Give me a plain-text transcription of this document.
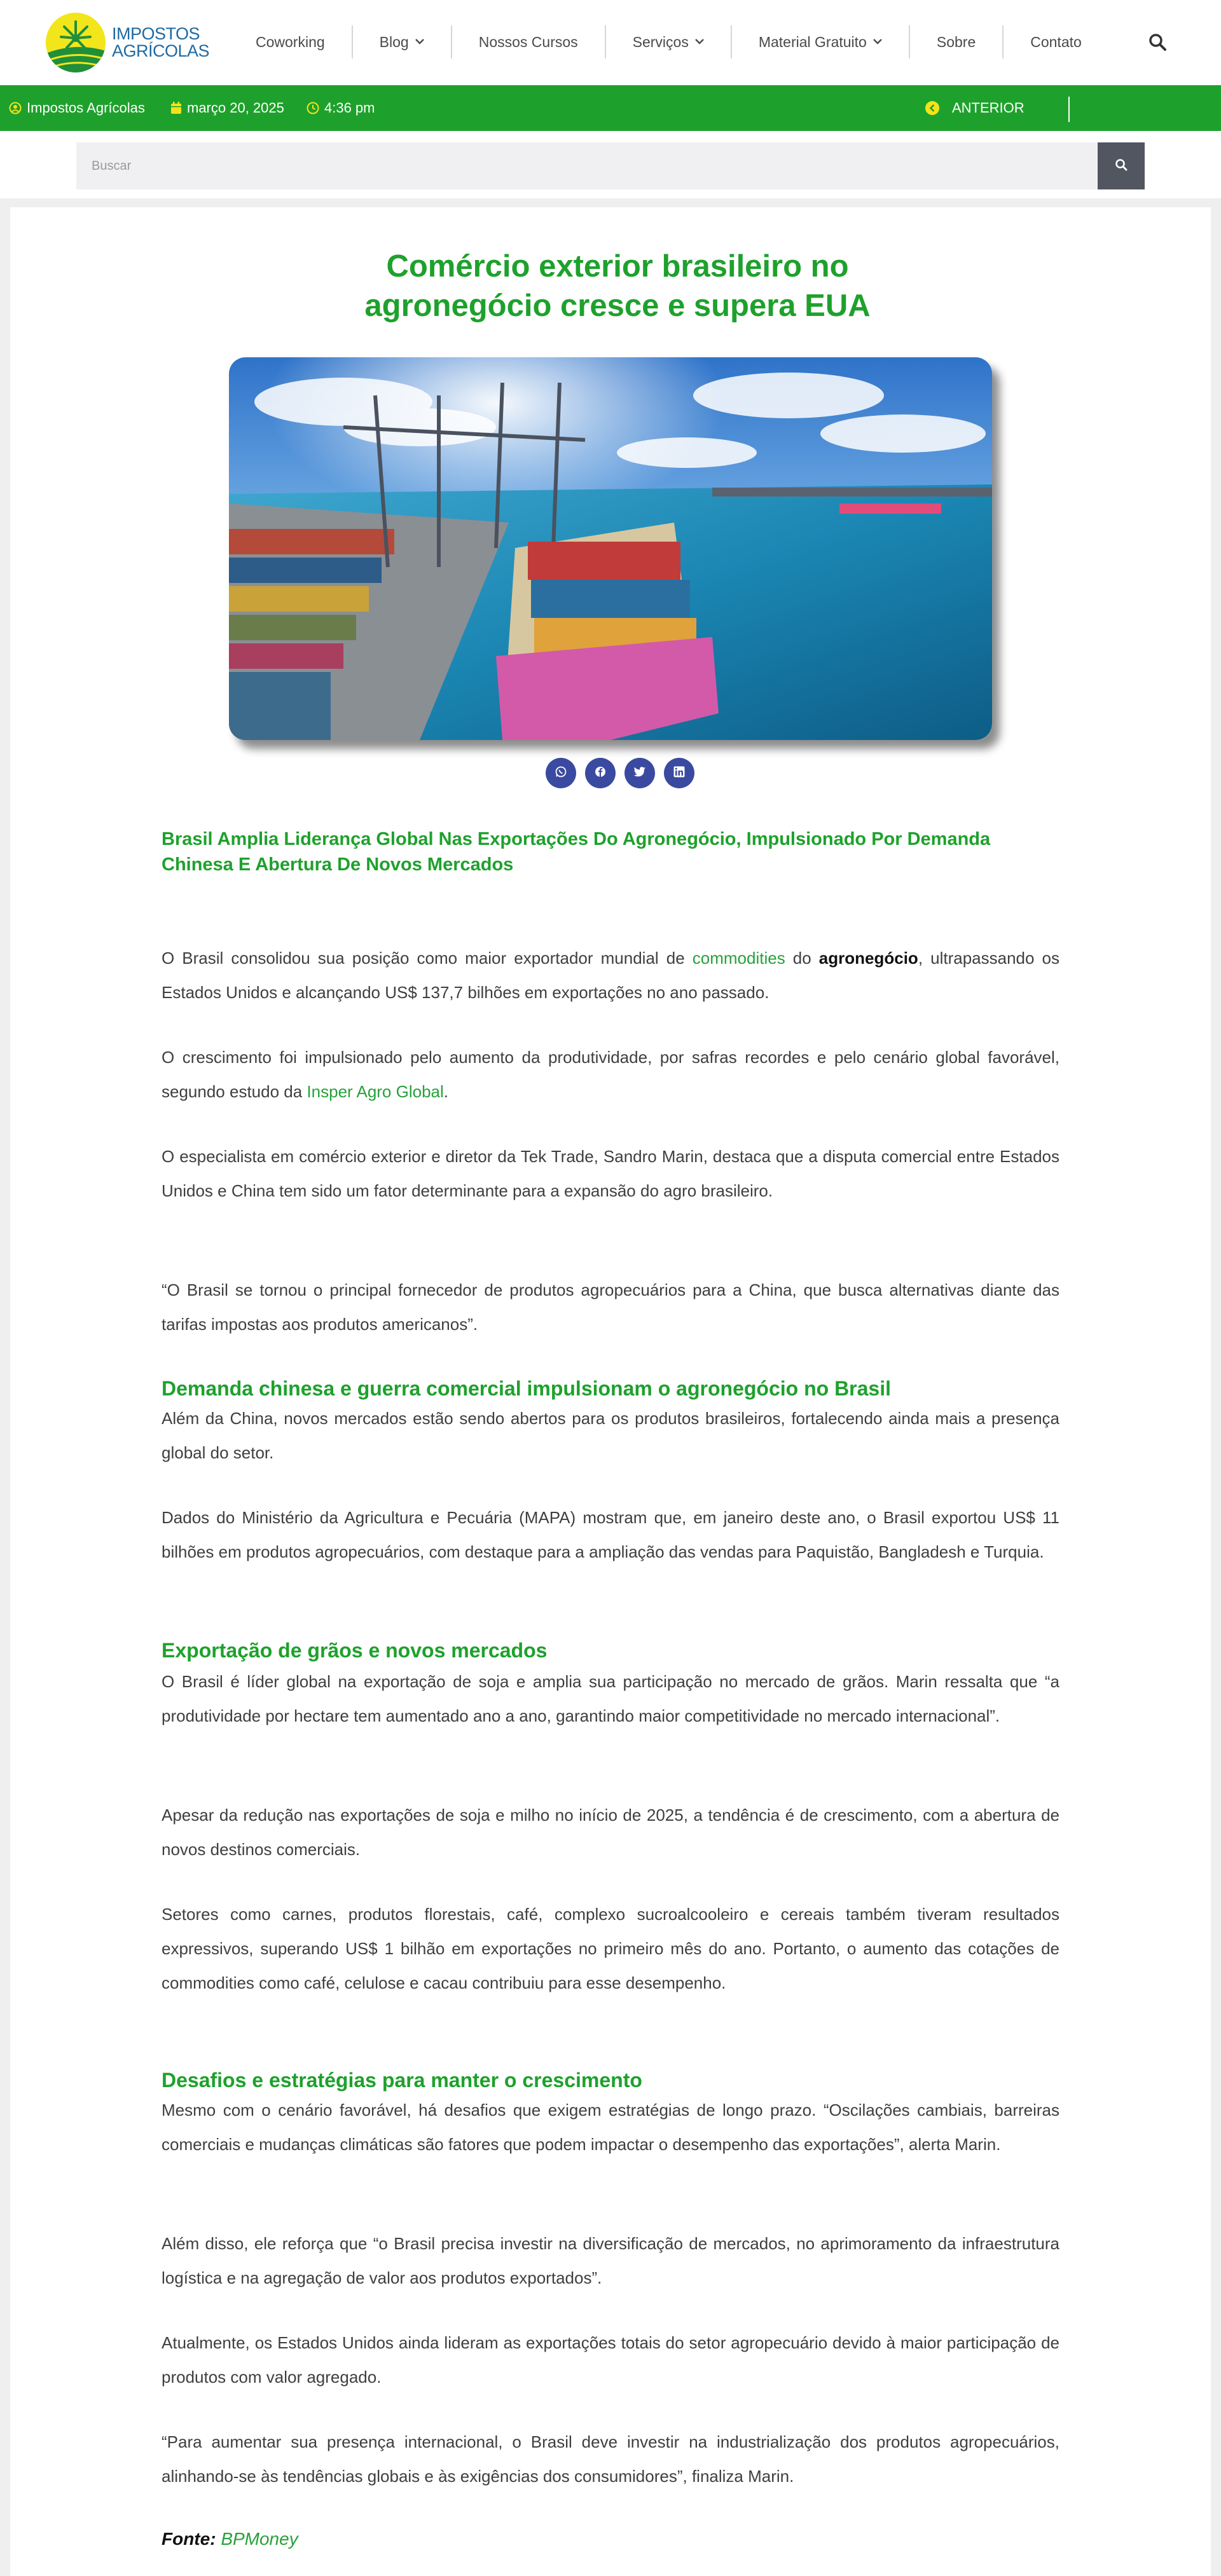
IMPOSTOS
AGRÍCOLAS	Coworking	Blog	Nossos Cursos	Serviços	Material Gratuito	Sobre	Contato
Impostos Agrícolas	março 20, 2025	4:36 pm	ANTERIOR
Buscar
Comércio exterior brasileiro no agronegócio cresce e supera EUA
Brasil Amplia Liderança Global Nas Exportações Do Agronegócio, Impulsionado Por Demanda Chinesa E Abertura De Novos Mercados

O Brasil consolidou sua posição como maior exportador mundial de commodities do agronegócio, ultrapassando os Estados Unidos e alcançando US$ 137,7 bilhões em exportações no ano passado.

O crescimento foi impulsionado pelo aumento da produtividade, por safras recordes e pelo cenário global favorável, segundo estudo da Insper Agro Global.

O especialista em comércio exterior e diretor da Tek Trade, Sandro Marin, destaca que a disputa comercial entre Estados Unidos e China tem sido um fator determinante para a expansão do agro brasileiro.

“O Brasil se tornou o principal fornecedor de produtos agropecuários para a China, que busca alternativas diante das tarifas impostas aos produtos americanos”.

Demanda chinesa e guerra comercial impulsionam o agronegócio no Brasil

Além da China, novos mercados estão sendo abertos para os produtos brasileiros, fortalecendo ainda mais a presença global do setor.

Dados do Ministério da Agricultura e Pecuária (MAPA) mostram que, em janeiro deste ano, o Brasil exportou US$ 11 bilhões em produtos agropecuários, com destaque para a ampliação das vendas para Paquistão, Bangladesh e Turquia.

Exportação de grãos e novos mercados

O Brasil é líder global na exportação de soja e amplia sua participação no mercado de grãos. Marin ressalta que “a produtividade por hectare tem aumentado ano a ano, garantindo maior competitividade no mercado internacional”.

Apesar da redução nas exportações de soja e milho no início de 2025, a tendência é de crescimento, com a abertura de novos destinos comerciais.

Setores como carnes, produtos florestais, café, complexo sucroalcooleiro e cereais também tiveram resultados expressivos, superando US$ 1 bilhão em exportações no primeiro mês do ano. Portanto, o aumento das cotações de commodities como café, celulose e cacau contribuiu para esse desempenho.

Desafios e estratégias para manter o crescimento

Mesmo com o cenário favorável, há desafios que exigem estratégias de longo prazo. “Oscilações cambiais, barreiras comerciais e mudanças climáticas são fatores que podem impactar o desempenho das exportações”, alerta Marin.

Além disso, ele reforça que “o Brasil precisa investir na diversificação de mercados, no aprimoramento da infraestrutura logística e na agregação de valor aos produtos exportados”.

Atualmente, os Estados Unidos ainda lideram as exportações totais do setor agropecuário devido à maior participação de produtos com valor agregado.

“Para aumentar sua presença internacional, o Brasil deve investir na industrialização dos produtos agropecuários, alinhando-se às tendências globais e às exigências dos consumidores”, finaliza Marin.

Fonte: BPMoney
